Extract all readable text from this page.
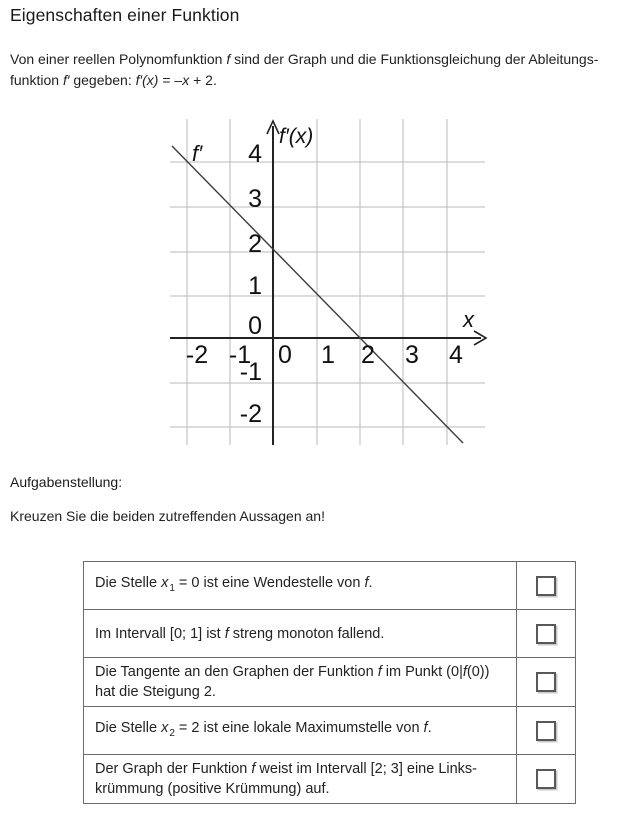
Eigenschaften einer Funktion
Von einer reellen Polynomfunktion f sind der Graph und die Funktionsgleichung der Ableitungs-
funktion f′ gegeben: f′(x) = –x + 2.
f′
f′(x)
x
4
3
2
1
0
-1
-2
-2 -1 0 1 2 3 4
Aufgabenstellung:
Kreuzen Sie die beiden zutreffenden Aussagen an!
Die Stelle $x_1 = 0$ ist eine Wendestelle von f.	

Im Intervall [0; 1] ist f streng monoton fallend.	

Die Tangente an den Graphen der Funktion f im Punkt (0|f(0))
hat die Steigung 2.	

Die Stelle $x_2 = 2$ ist eine lokale Maximumstelle von f.	

Der Graph der Funktion f weist im Intervall [2; 3] eine Links-
krümmung (positive Krümmung) auf.	
